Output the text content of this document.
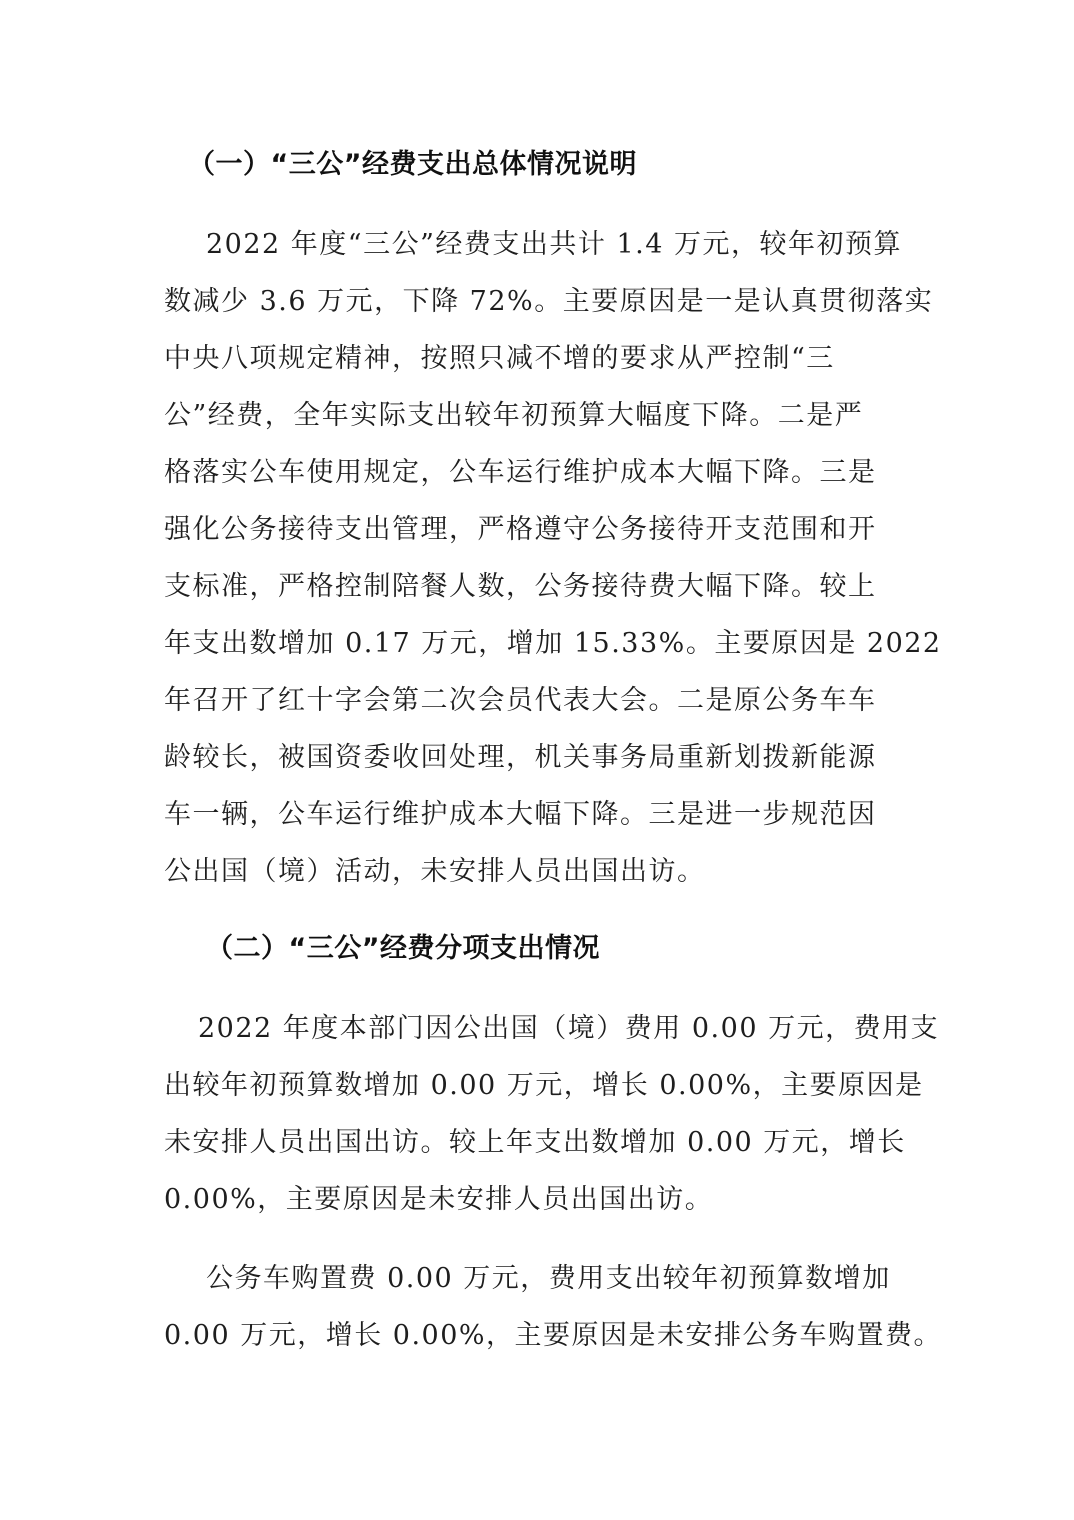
（一）“三公”经费支出总体情况说明
2022 年度“三公”经费支出共计 1.4 万元，较年初预算
数减少 3.6 万元，下降 72%。主要原因是一是认真贯彻落实
中央八项规定精神，按照只减不增的要求从严控制“三
公”经费，全年实际支出较年初预算大幅度下降。二是严
格落实公车使用规定，公车运行维护成本大幅下降。三是
强化公务接待支出管理，严格遵守公务接待开支范围和开
支标准，严格控制陪餐人数，公务接待费大幅下降。较上
年支出数增加 0.17 万元，增加 15.33%。主要原因是 2022
年召开了红十字会第二次会员代表大会。二是原公务车车
龄较长，被国资委收回处理，机关事务局重新划拨新能源
车一辆，公车运行维护成本大幅下降。三是进一步规范因
公出国（境）活动，未安排人员出国出访。
（二）“三公”经费分项支出情况
2022 年度本部门因公出国（境）费用 0.00 万元，费用支
出较年初预算数增加 0.00 万元，增长 0.00%，主要原因是
未安排人员出国出访。较上年支出数增加 0.00 万元，增长
0.00%，主要原因是未安排人员出国出访。
公务车购置费 0.00 万元，费用支出较年初预算数增加
0.00 万元，增长 0.00%，主要原因是未安排公务车购置费。
